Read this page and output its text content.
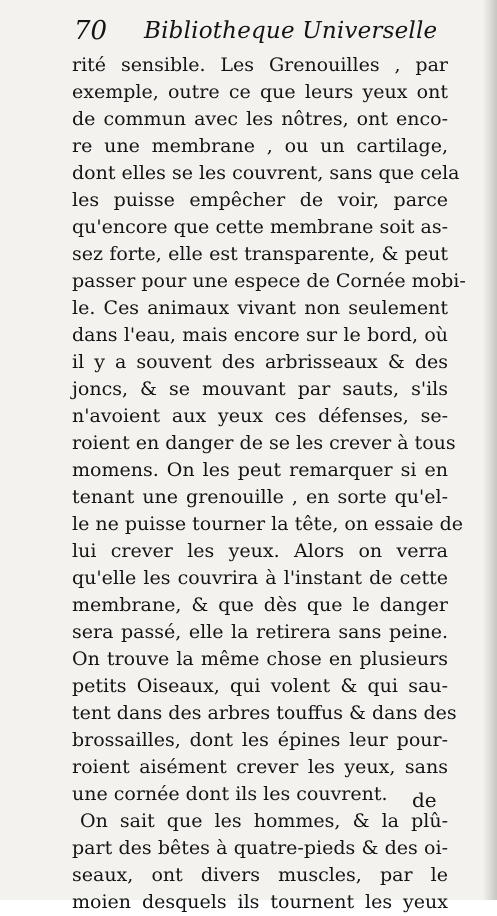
70 Bibliotheque Universelle
rité sensible. Les Grenouilles , par
exemple, outre ce que leurs yeux ont
de commun avec les nôtres, ont enco-
re une membrane , ou un cartilage,
dont elles se les couvrent, sans que cela
les puisse empêcher de voir, parce
qu'encore que cette membrane soit as-
sez forte, elle est transparente, & peut
passer pour une espece de Cornée mobi-
le. Ces animaux vivant non seulement
dans l'eau, mais encore sur le bord, où
il y a souvent des arbrisseaux & des
joncs, & se mouvant par sauts, s'ils
n'avoient aux yeux ces défenses, se-
roient en danger de se les crever à tous
momens. On les peut remarquer si en
tenant une grenouille , en sorte qu'el-
le ne puisse tourner la tête, on essaie de
lui crever les yeux. Alors on verra
qu'elle les couvrira à l'instant de cette
membrane, & que dès que le danger
sera passé, elle la retirera sans peine.
On trouve la même chose en plusieurs
petits Oiseaux, qui volent & qui sau-
tent dans des arbres touffus & dans des
brossailles, dont les épines leur pour-
roient aisément crever les yeux, sans
une cornée dont ils les couvrent.
On sait que les hommes, & la plû-
part des bêtes à quatre-pieds & des oi-
seaux, ont divers muscles, par le
moien desquels ils tournent les yeux
de
